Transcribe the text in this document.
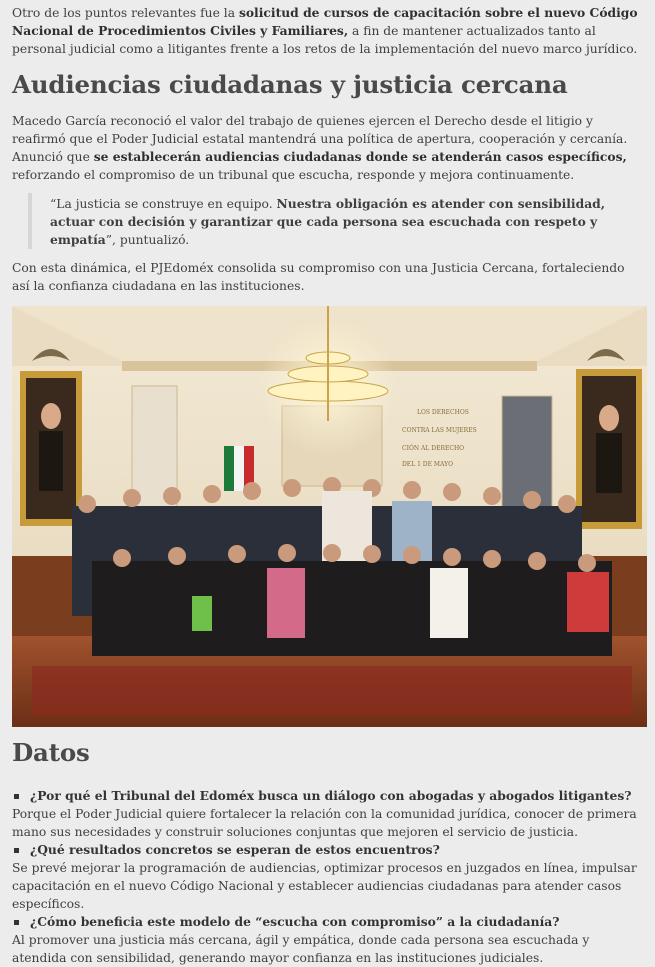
Otro de los puntos relevantes fue la solicitud de cursos de capacitación sobre el nuevo Código Nacional de Procedimientos Civiles y Familiares, a fin de mantener actualizados tanto al personal judicial como a litigantes frente a los retos de la implementación del nuevo marco jurídico.

Audiencias ciudadanas y justicia cercana

Macedo García reconoció el valor del trabajo de quienes ejercen el Derecho desde el litigio y reafirmó que el Poder Judicial estatal mantendrá una política de apertura, cooperación y cercanía. Anunció que se establecerán audiencias ciudadanas donde se atenderán casos específicos, reforzando el compromiso de un tribunal que escucha, responde y mejora continuamente.

“La justicia se construye en equipo. Nuestra obligación es atender con sensibilidad, actuar con decisión y garantizar que cada persona sea escuchada con respeto y empatía”, puntualizó.

Con esta dinámica, el PJEdoméx consolida su compromiso con una Justicia Cercana, fortaleciendo así la confianza ciudadana en las instituciones.

LOS DERECHOS
CONTRA LAS MUJERES
CIÓN AL DERECHO
DEL 1 DE MAYO
Datos
¿Por qué el Tribunal del Edoméx busca un diálogo con abogadas y abogados litigantes?
Porque el Poder Judicial quiere fortalecer la relación con la comunidad jurídica, conocer de primera mano sus necesidades y construir soluciones conjuntas que mejoren el servicio de justicia.
¿Qué resultados concretos se esperan de estos encuentros?
Se prevé mejorar la programación de audiencias, optimizar procesos en juzgados en línea, impulsar capacitación en el nuevo Código Nacional y establecer audiencias ciudadanas para atender casos específicos.
¿Cómo beneficia este modelo de “escucha con compromiso” a la ciudadanía?
Al promover una justicia más cercana, ágil y empática, donde cada persona sea escuchada y atendida con sensibilidad, generando mayor confianza en las instituciones judiciales.
